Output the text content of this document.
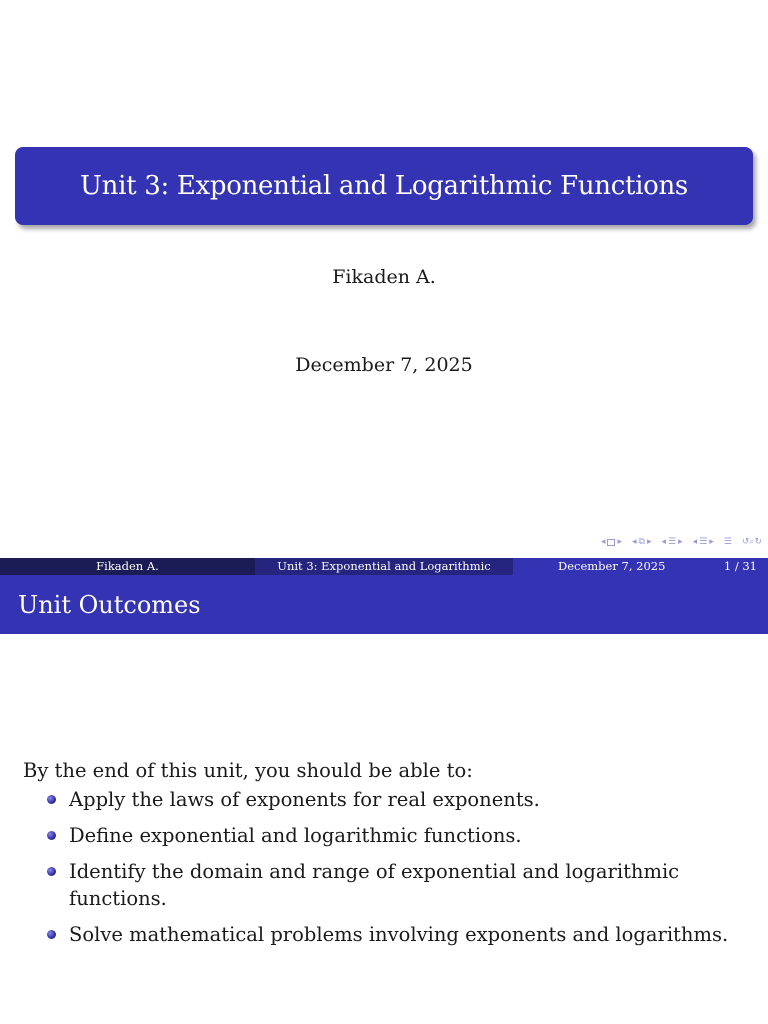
Unit 3: Exponential and Logarithmic Functions
Fikaden A.
December 7, 2025
◂ ▸ ◂ ⧉ ▸ ◂ ☰ ▸ ◂ ☰ ▸ ☰ ↺⌕↻
Fikaden A.	Unit 3: Exponential and Logarithmic	December 7, 2025	1 / 31
Unit Outcomes

By the end of this unit, you should be able to:

Apply the laws of exponents for real exponents.
Define exponential and logarithmic functions.
Identify the domain and range of exponential and logarithmic functions.
Solve mathematical problems involving exponents and logarithms.
